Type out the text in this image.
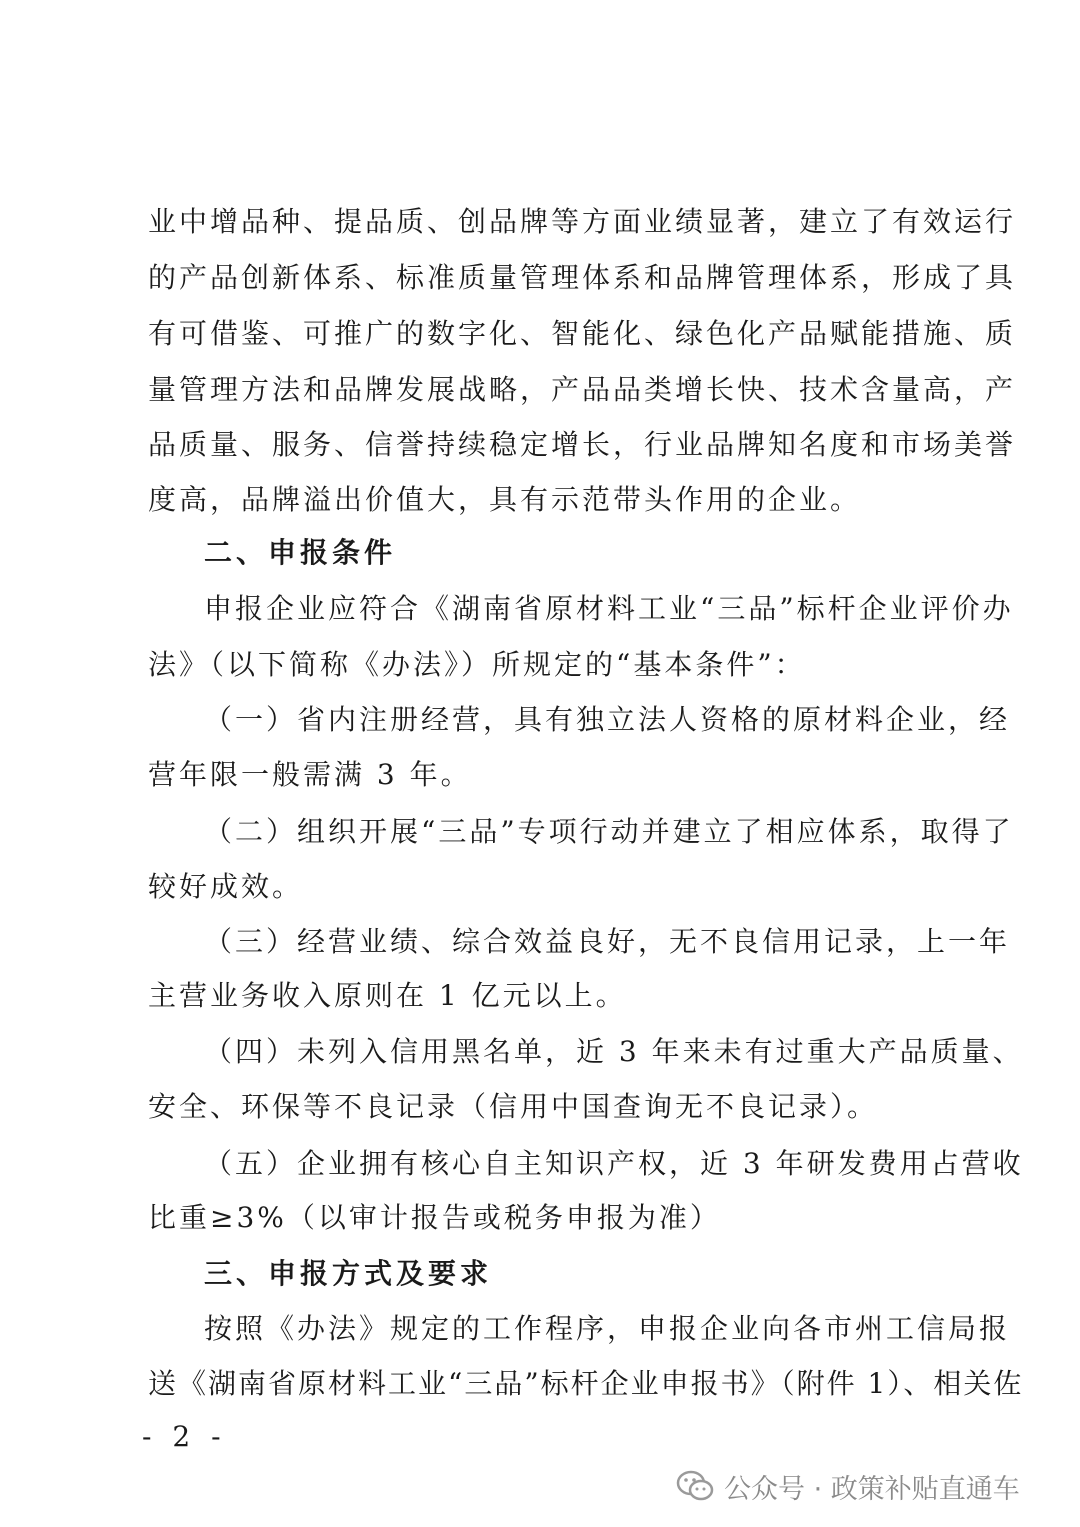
业中增品种、提品质、创品牌等方面业绩显著，建立了有效运行
的产品创新体系、标准质量管理体系和品牌管理体系，形成了具
有可借鉴、可推广的数字化、智能化、绿色化产品赋能措施、质
量管理方法和品牌发展战略，产品品类增长快、技术含量高，产
品质量、服务、信誉持续稳定增长，行业品牌知名度和市场美誉
度高，品牌溢出价值大，具有示范带头作用的企业。
二、申报条件
申报企业应符合《湖南省原材料工业“三品”标杆企业评价办
法》（以下简称《办法》）所规定的“基本条件”：
（一）省内注册经营，具有独立法人资格的原材料企业，经
营年限一般需满 3 年。
（二）组织开展“三品”专项行动并建立了相应体系，取得了
较好成效。
（三）经营业绩、综合效益良好，无不良信用记录，上一年
主营业务收入原则在 1 亿元以上。
（四）未列入信用黑名单，近 3 年来未有过重大产品质量、
安全、环保等不良记录（信用中国查询无不良记录）。
（五）企业拥有核心自主知识产权，近 3 年研发费用占营收
比重≥3%（以审计报告或税务申报为准）
三、申报方式及要求
按照《办法》规定的工作程序，申报企业向各市州工信局报
送《湖南省原材料工业“三品”标杆企业申报书》（附件 1）、相关佐
- 2 -
公众号 · 政策补贴直通车
